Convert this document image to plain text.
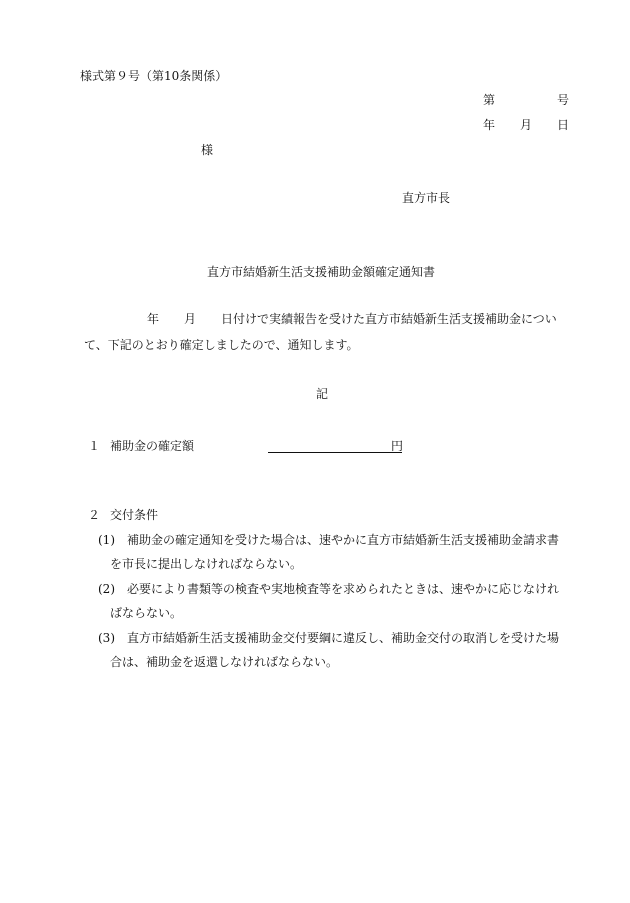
様式第９号（第10条関係）
第	号
年 月 日
様
直方市長
直方市結婚新生活支援補助金額確定通知書
年 月 日付けで実績報告を受けた直方市結婚新生活支援補助金につい
て、下記のとおり確定しましたので、通知します。
記
１ 補助金の確定額	円
２ 交付条件
(1) 補助金の確定通知を受けた場合は、速やかに直方市結婚新生活支援補助金請求書
を市長に提出しなければならない。
(2) 必要により書類等の検査や実地検査等を求められたときは、速やかに応じなけれ
ばならない。
(3) 直方市結婚新生活支援補助金交付要綱に違反し、補助金交付の取消しを受けた場
合は、補助金を返還しなければならない。
